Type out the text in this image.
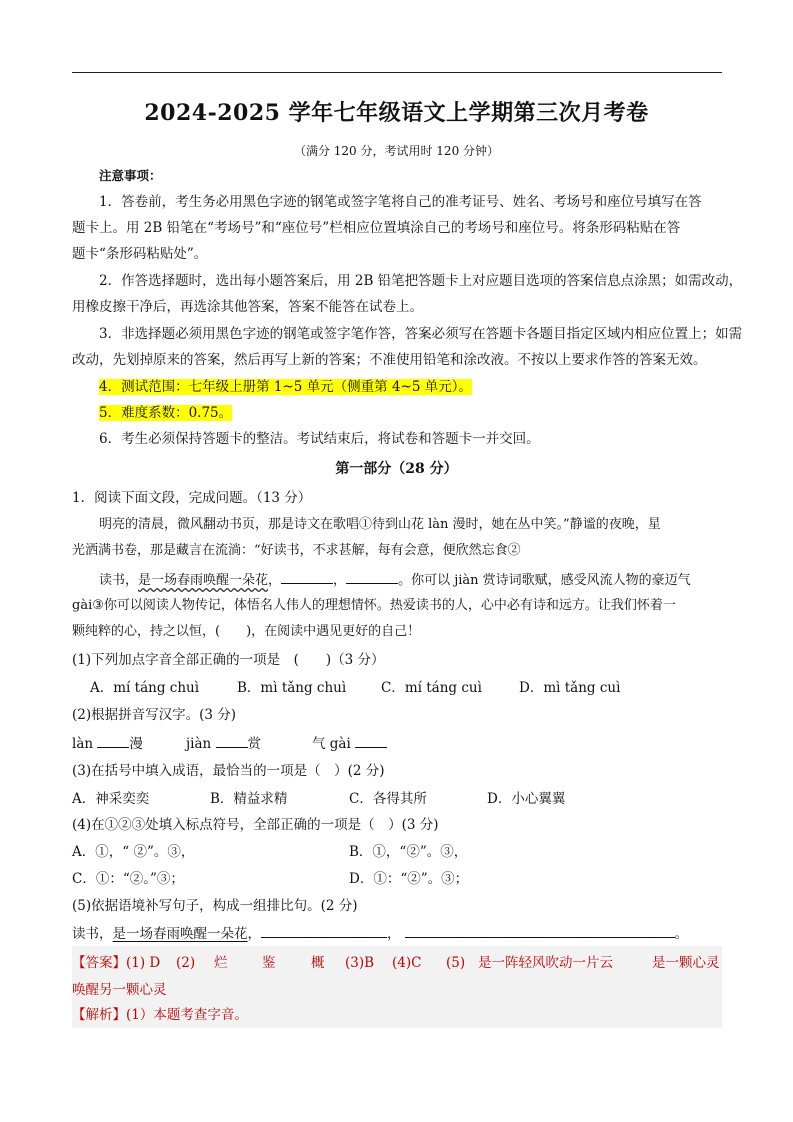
2024-2025 学年七年级语文上学期第三次月考卷
（满分 120 分，考试用时 120 分钟）
注意事项：
1．答卷前，考生务必用黑色字迹的钢笔或签字笔将自己的准考证号、姓名、考场号和座位号填写在答
题卡上。用 2B 铅笔在“考场号”和“座位号”栏相应位置填涂自己的考场号和座位号。将条形码粘贴在答
题卡“条形码粘贴处”。
2．作答选择题时，选出每小题答案后，用 2B 铅笔把答题卡上对应题目选项的答案信息点涂黑；如需改动，
用橡皮擦干净后，再选涂其他答案，答案不能答在试卷上。
3．非选择题必须用黑色字迹的钢笔或签字笔作答，答案必须写在答题卡各题目指定区域内相应位置上；如需
改动，先划掉原来的答案，然后再写上新的答案；不准使用铅笔和涂改液。不按以上要求作答的答案无效。
4．测试范围：七年级上册第 1~5 单元（侧重第 4~5 单元）。
5．难度系数：0.75。
6．考生必须保持答题卡的整洁。考试结束后，将试卷和答题卡一并交回。
第一部分（28 分）
1．阅读下面文段，完成问题。（13 分）
明亮的清晨，微风翻动书页，那是诗文在歌唱①待到山花 làn 漫时，她在丛中笑。”静谧的夜晚，星
光洒满书卷，那是藏言在流淌：“好读书，不求甚解，每有会意，便欣然忘食②
读书，是一场春雨唤醒一朵花，	，	。你可以 jiàn 赏诗词歌赋，感受风流人物的豪迈气
gài③你可以阅读人物传记，体悟名人伟人的理想情怀。热爱读书的人，心中必有诗和远方。让我们怀着一
颗纯粹的心，持之以恒，(　　)，在阅读中遇见更好的自己！
(1)下列加点字音全部正确的一项是　(　　)（3 分）
A．mí táng chuì	B．mì tǎng chuì	C．mí táng cuì	D．mì tǎng cuì
(2)根据拼音写汉字。(3 分)
làn	漫	jiàn	赏	气 gài
(3)在括号中填入成语，最恰当的一项是（　）(2 分)
A．神采奕奕	B．精益求精	C．各得其所	D．小心翼翼
(4)在①②③处填入标点符号，全部正确的一项是（　）(3 分)
A．①，“ ②”。③，	B．①，“②”。③，
C．①：“②。”③；	D．①：“②”。③；
(5)依据语境补写句子，构成一组排比句。(2 分)
读书，是一场春雨唤醒一朵花，	，	。
【答案】 (1) D (2) 烂	鉴	概 (3)B (4)C (5) 是一阵轻风吹动一片云	是一颗心灵
唤醒另一颗心灵
【解析】(1）本题考查字音。
